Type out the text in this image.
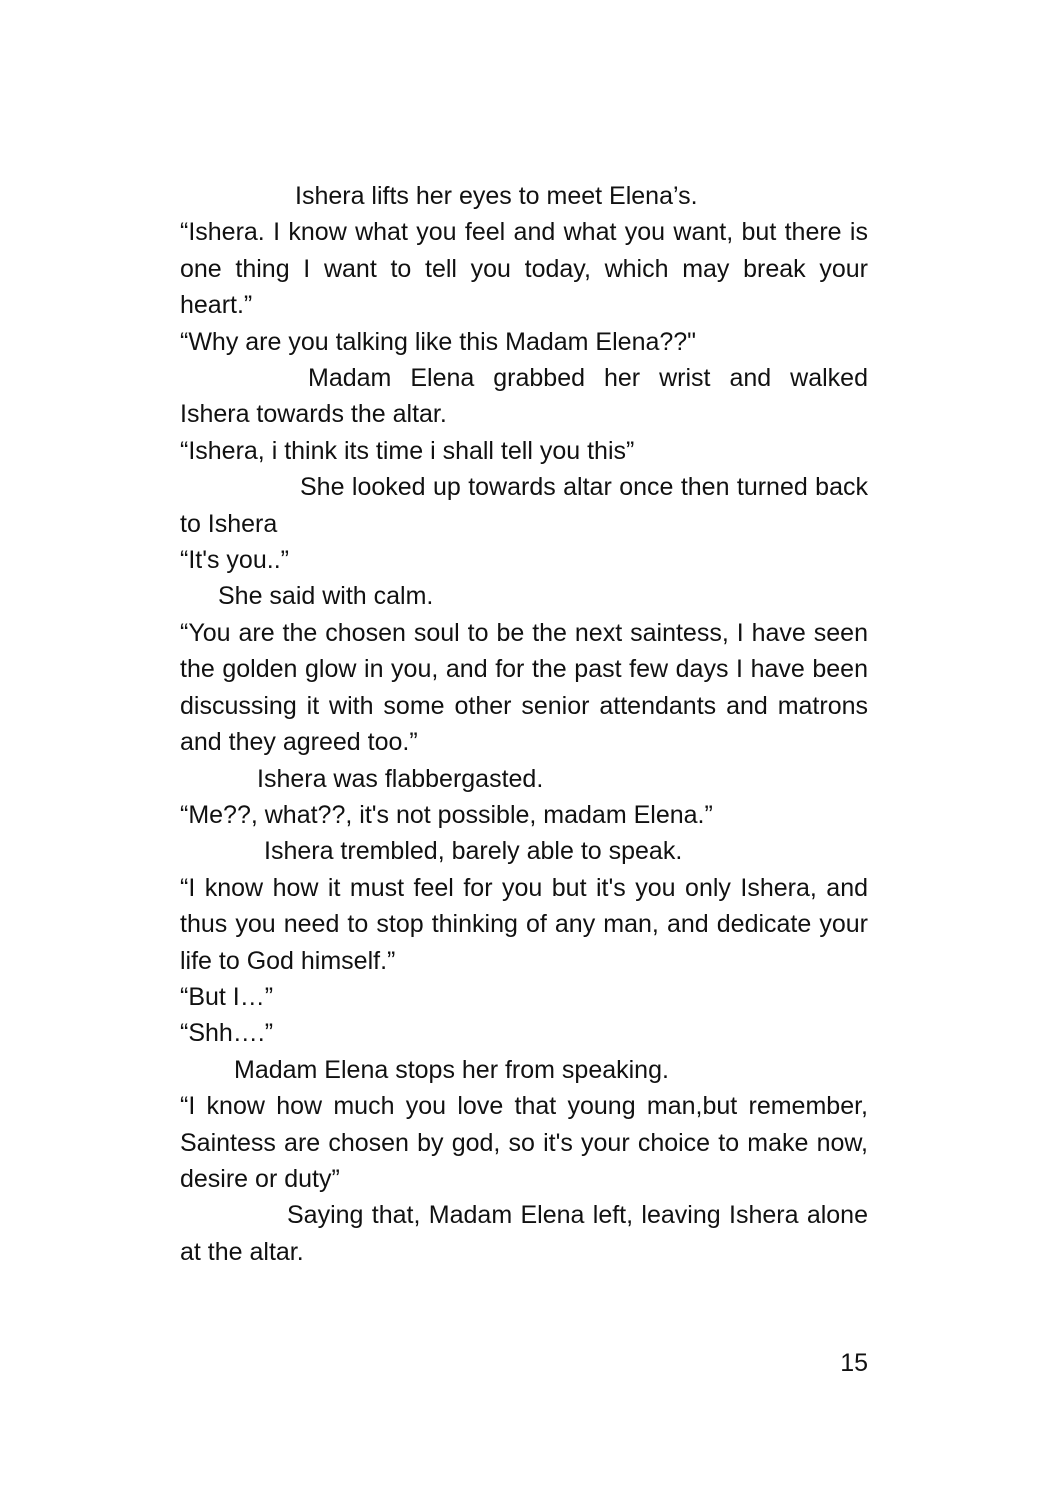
Ishera lifts her eyes to meet Elena’s.

“Ishera. I know what you feel and what you want, but there is one thing I want to tell you today, which may break your heart.”

“Why are you talking like this Madam Elena??"

Madam Elena grabbed her wrist and walked Ishera towards the altar.

“Ishera, i think its time i shall tell you this”

She looked up towards altar once then turned back to Ishera

“It's you..”

She said with calm.

“You are the chosen soul to be the next saintess, I have seen the golden glow in you, and for the past few days I have been discussing it with some other senior attendants and matrons and they agreed too.”

Ishera was flabbergasted.

“Me??, what??, it's not possible, madam Elena.”

Ishera trembled, barely able to speak.

“I know how it must feel for you but it's you only Ishera, and thus you need to stop thinking of any man, and dedicate your life to God himself.”

“But I…”

“Shh….”

Madam Elena stops her from speaking.

“I know how much you love that young man,but remember, Saintess are chosen by god, so it's your choice to make now, desire or duty”

Saying that, Madam Elena left, leaving Ishera alone at the altar.

15
